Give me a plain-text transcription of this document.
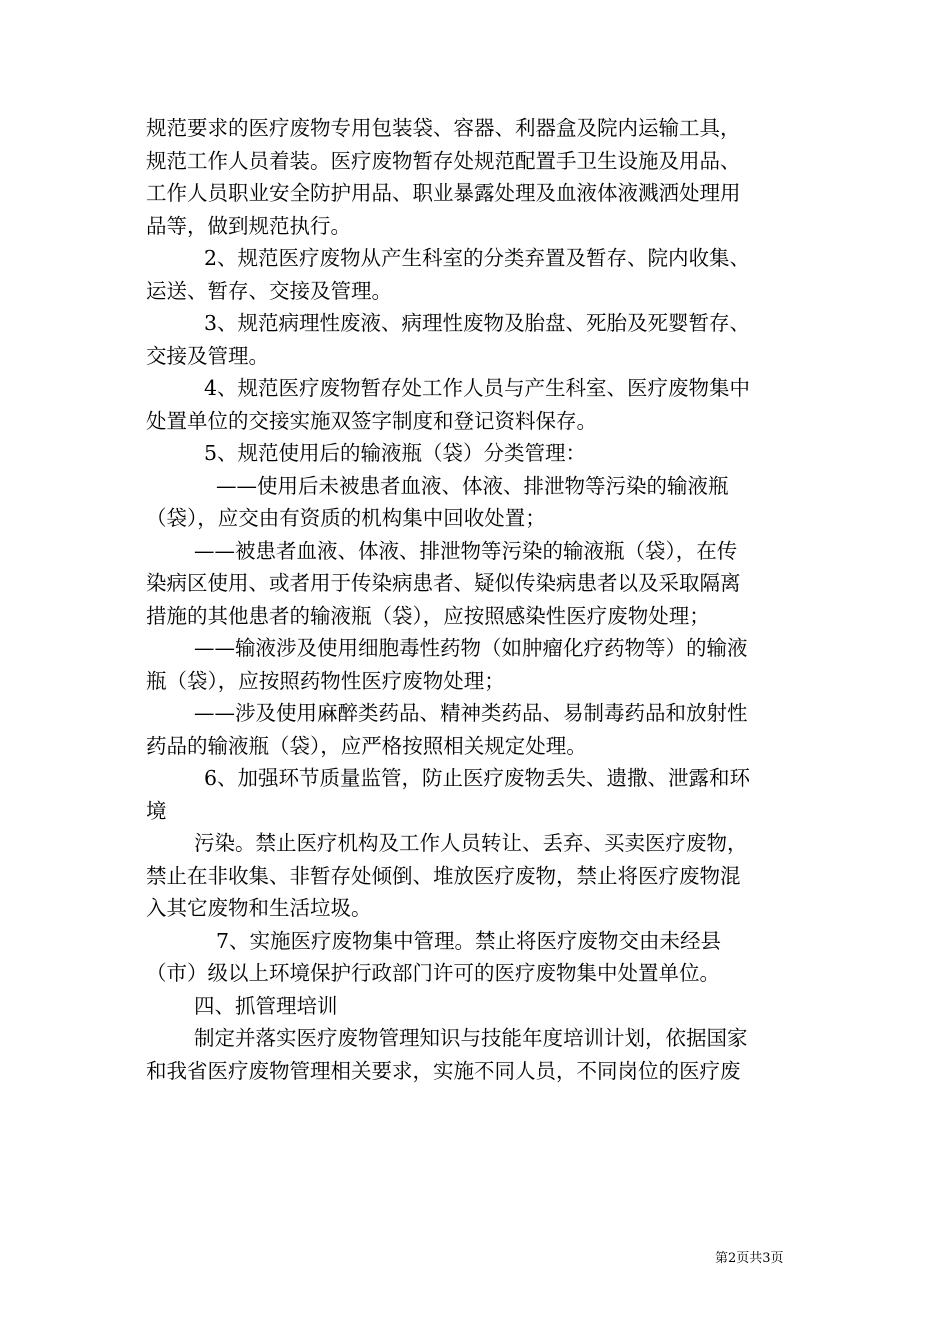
规范要求的医疗废物专用包装袋、容器、利器盒及院内运输工具，
规范工作人员着装。医疗废物暂存处规范配置手卫生设施及用品、
工作人员职业安全防护用品、职业暴露处理及血液体液溅洒处理用
品等，做到规范执行。
2、规范医疗废物从产生科室的分类弃置及暂存、院内收集、
运送、暂存、交接及管理。
3、规范病理性废液、病理性废物及胎盘、死胎及死婴暂存、
交接及管理。
4、规范医疗废物暂存处工作人员与产生科室、医疗废物集中
处置单位的交接实施双签字制度和登记资料保存。
5、规范使用后的输液瓶（袋）分类管理：
——使用后未被患者血液、体液、排泄物等污染的输液瓶
（袋），应交由有资质的机构集中回收处置；
——被患者血液、体液、排泄物等污染的输液瓶（袋），在传
染病区使用、或者用于传染病患者、疑似传染病患者以及采取隔离
措施的其他患者的输液瓶（袋），应按照感染性医疗废物处理；
——输液涉及使用细胞毒性药物（如肿瘤化疗药物等）的输液
瓶（袋），应按照药物性医疗废物处理；
——涉及使用麻醉类药品、精神类药品、易制毒药品和放射性
药品的输液瓶（袋），应严格按照相关规定处理。
6、加强环节质量监管，防止医疗废物丢失、遗撒、泄露和环
境
污染。禁止医疗机构及工作人员转让、丢弃、买卖医疗废物，
禁止在非收集、非暂存处倾倒、堆放医疗废物，禁止将医疗废物混
入其它废物和生活垃圾。
7、实施医疗废物集中管理。禁止将医疗废物交由未经县
（市）级以上环境保护行政部门许可的医疗废物集中处置单位。
四、抓管理培训
制定并落实医疗废物管理知识与技能年度培训计划，依据国家
和我省医疗废物管理相关要求，实施不同人员，不同岗位的医疗废
第2页共3页
